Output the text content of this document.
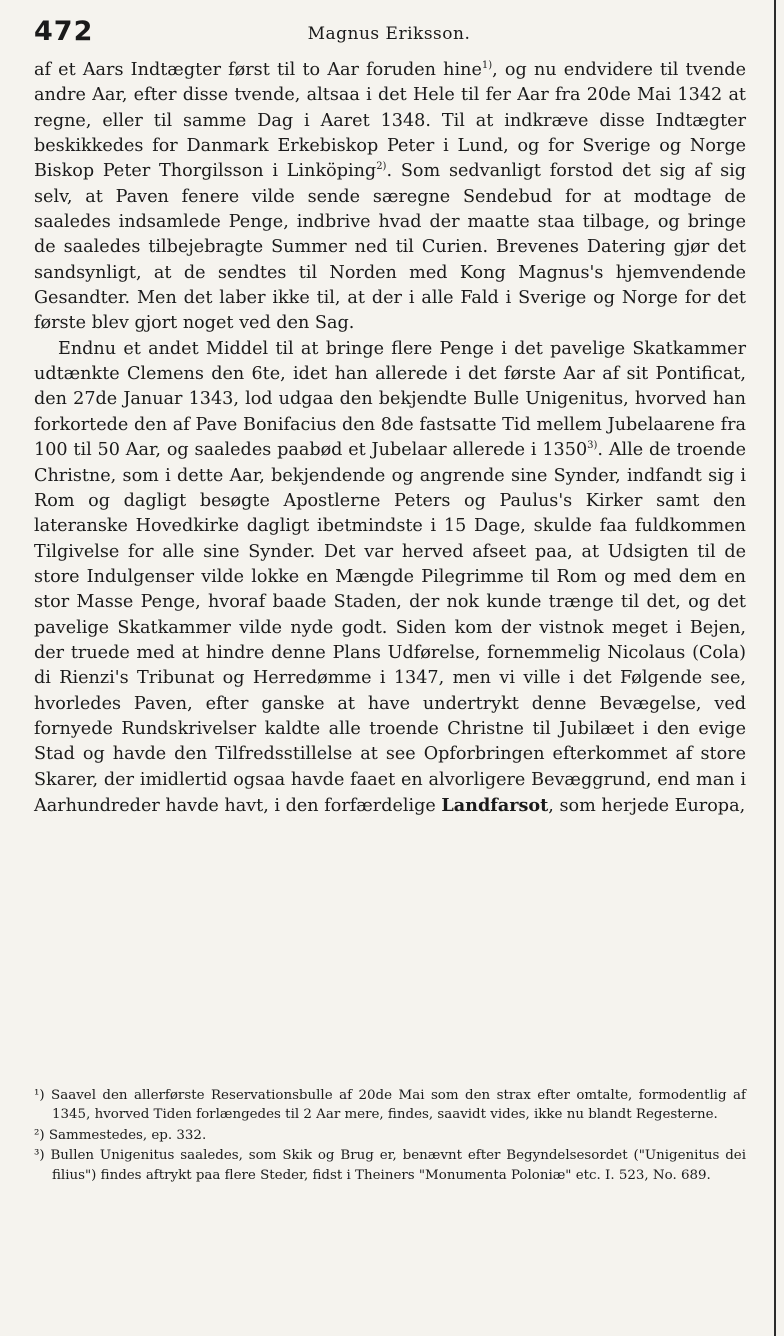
472	Magnus Eriksson.

af et Aars Indtægter først til to Aar foruden hine$^{1)}$, og nu endvidere til tvende andre Aar, efter disse tvende, altsaa i det Hele til fer Aar fra 20de Mai 1342 at regne, eller til samme Dag i Aaret 1348. Til at indkræve disse Indtægter beskikkedes for Danmark Erkebiskop Peter i Lund, og for Sverige og Norge Biskop Peter Thorgilsson i Linköping$^{2)}$. Som sedvanligt forstod det sig af sig selv, at Paven fenere vilde sende særegne Sendebud for at modtage de saaledes indsamlede Penge, indbrive hvad der maatte staa tilbage, og bringe de saaledes tilbejebragte Summer ned til Curien. Brevenes Datering gjør det sandsynligt, at de sendtes til Norden med Kong Magnus's hjemvendende Gesandter. Men det laber ikke til, at der i alle Fald i Sverige og Norge for det første blev gjort noget ved den Sag.

Endnu et andet Middel til at bringe flere Penge i det pavelige Skatkammer udtænkte Clemens den 6te, idet han allerede i det første Aar af sit Pontificat, den 27de Januar 1343, lod udgaa den bekjendte Bulle Unigenitus, hvorved han forkortede den af Pave Bonifacius den 8de fastsatte Tid mellem Jubelaarene fra 100 til 50 Aar, og saaledes paabød et Jubelaar allerede i 1350$^{3)}$. Alle de troende Christne, som i dette Aar, bekjendende og angrende sine Synder, indfandt sig i Rom og dagligt besøgte Apostlerne Peters og Paulus's Kirker samt den lateranske Hovedkirke dagligt ibetmindste i 15 Dage, skulde faa fuldkommen Tilgivelse for alle sine Synder. Det var herved afseet paa, at Udsigten til de store Indulgenser vilde lokke en Mængde Pilegrimme til Rom og med dem en stor Masse Penge, hvoraf baade Staden, der nok kunde trænge til det, og det pavelige Skatkammer vilde nyde godt. Siden kom der vistnok meget i Bejen, der truede med at hindre denne Plans Udførelse, fornemmelig Nicolaus (Cola) di Rienzi's Tribunat og Herredømme i 1347, men vi ville i det Følgende see, hvorledes Paven, efter ganske at have undertrykt denne Bevægelse, ved fornyede Rundskrivelser kaldte alle troende Christne til Jubilæet i den evige Stad og havde den Tilfredsstillelse at see Opforbringen efterkommet af store Skarer, der imidlertid ogsaa havde faaet en alvorligere Bevæggrund, end man i Aarhundreder havde havt, i den forfærdelige Landfarsot, som herjede Europa,

¹) Saavel den allerførste Reservationsbulle af 20de Mai som den strax efter omtalte, formodentlig af 1345, hvorved Tiden forlængedes til 2 Aar mere, findes, saavidt vides, ikke nu blandt Regesterne.

²) Sammestedes, ep. 332.

³) Bullen Unigenitus saaledes, som Skik og Brug er, benævnt efter Begyndelsesordet ("Unigenitus dei filius") findes aftrykt paa flere Steder, fidst i Theiners "Monumenta Poloniæ" etc. I. 523, No. 689.
